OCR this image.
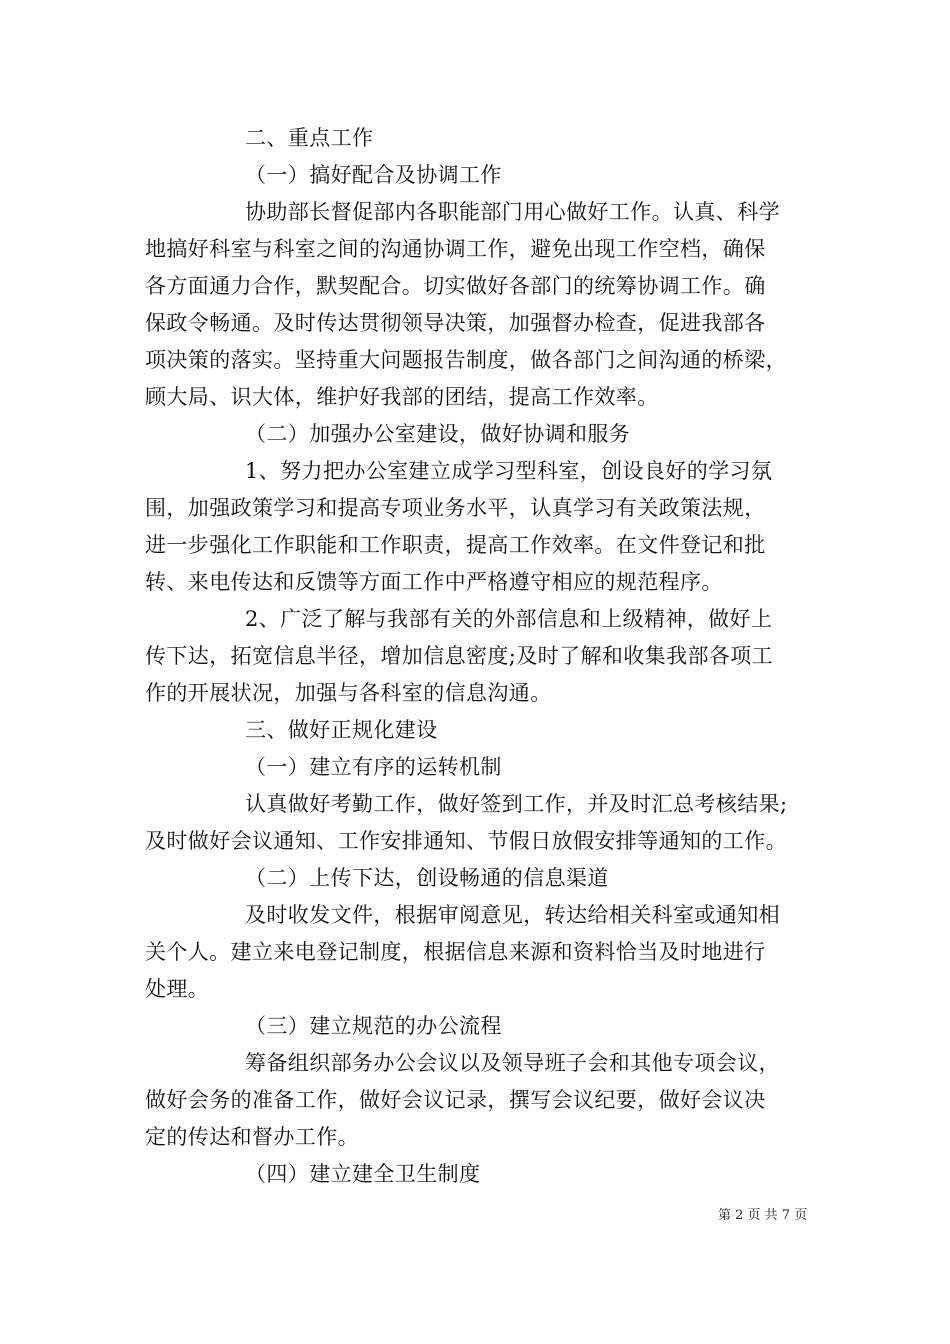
二、重点工作
（一）搞好配合及协调工作
协助部长督促部内各职能部门用心做好工作。认真、科学
地搞好科室与科室之间的沟通协调工作，避免出现工作空档，确保
各方面通力合作，默契配合。切实做好各部门的统筹协调工作。确
保政令畅通。及时传达贯彻领导决策，加强督办检查，促进我部各
项决策的落实。坚持重大问题报告制度，做各部门之间沟通的桥梁，
顾大局、识大体，维护好我部的团结，提高工作效率。
（二）加强办公室建设，做好协调和服务
1、努力把办公室建立成学习型科室，创设良好的学习氛
围，加强政策学习和提高专项业务水平，认真学习有关政策法规，
进一步强化工作职能和工作职责，提高工作效率。在文件登记和批
转、来电传达和反馈等方面工作中严格遵守相应的规范程序。
2、广泛了解与我部有关的外部信息和上级精神，做好上
传下达，拓宽信息半径，增加信息密度;及时了解和收集我部各项工
作的开展状况，加强与各科室的信息沟通。
三、做好正规化建设
（一）建立有序的运转机制
认真做好考勤工作，做好签到工作，并及时汇总考核结果;
及时做好会议通知、工作安排通知、节假日放假安排等通知的工作。
（二）上传下达，创设畅通的信息渠道
及时收发文件，根据审阅意见，转达给相关科室或通知相
关个人。建立来电登记制度，根据信息来源和资料恰当及时地进行
处理。
（三）建立规范的办公流程
筹备组织部务办公会议以及领导班子会和其他专项会议，
做好会务的准备工作，做好会议记录，撰写会议纪要，做好会议决
定的传达和督办工作。
（四）建立建全卫生制度
第 2 页 共 7 页
